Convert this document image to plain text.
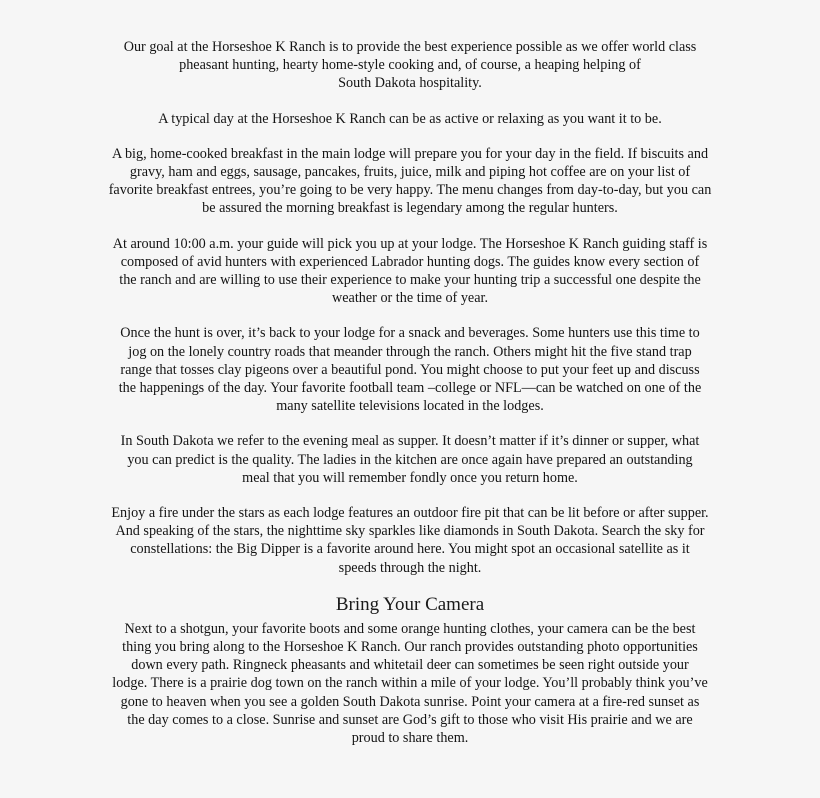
Our goal at the Horseshoe K Ranch is to provide the best experience possible as we offer world class
pheasant hunting, hearty home-style cooking and, of course, a heaping helping of
South Dakota hospitality.
A typical day at the Horseshoe K Ranch can be as active or relaxing as you want it to be.
A big, home-cooked breakfast in the main lodge will prepare you for your day in the field. If biscuits and
gravy, ham and eggs, sausage, pancakes, fruits, juice, milk and piping hot coffee are on your list of
favorite breakfast entrees, you’re going to be very happy. The menu changes from day-to-day, but you can
be assured the morning breakfast is legendary among the regular hunters.
At around 10:00 a.m. your guide will pick you up at your lodge. The Horseshoe K Ranch guiding staff is
composed of avid hunters with experienced Labrador hunting dogs. The guides know every section of
the ranch and are willing to use their experience to make your hunting trip a successful one despite the
weather or the time of year.
Once the hunt is over, it’s back to your lodge for a snack and beverages. Some hunters use this time to
jog on the lonely country roads that meander through the ranch. Others might hit the five stand trap
range that tosses clay pigeons over a beautiful pond. You might choose to put your feet up and discuss
the happenings of the day. Your favorite football team –college or NFL—can be watched on one of the
many satellite televisions located in the lodges.
In South Dakota we refer to the evening meal as supper. It doesn’t matter if it’s dinner or supper, what
you can predict is the quality. The ladies in the kitchen are once again have prepared an outstanding
meal that you will remember fondly once you return home.
Enjoy a fire under the stars as each lodge features an outdoor fire pit that can be lit before or after supper.
And speaking of the stars, the nighttime sky sparkles like diamonds in South Dakota. Search the sky for
constellations: the Big Dipper is a favorite around here. You might spot an occasional satellite as it
speeds through the night.
Bring Your Camera
Next to a shotgun, your favorite boots and some orange hunting clothes, your camera can be the best
thing you bring along to the Horseshoe K Ranch. Our ranch provides outstanding photo opportunities
down every path. Ringneck pheasants and whitetail deer can sometimes be seen right outside your
lodge. There is a prairie dog town on the ranch within a mile of your lodge. You’ll probably think you’ve
gone to heaven when you see a golden South Dakota sunrise. Point your camera at a fire-red sunset as
the day comes to a close. Sunrise and sunset are God’s gift to those who visit His prairie and we are
proud to share them.
